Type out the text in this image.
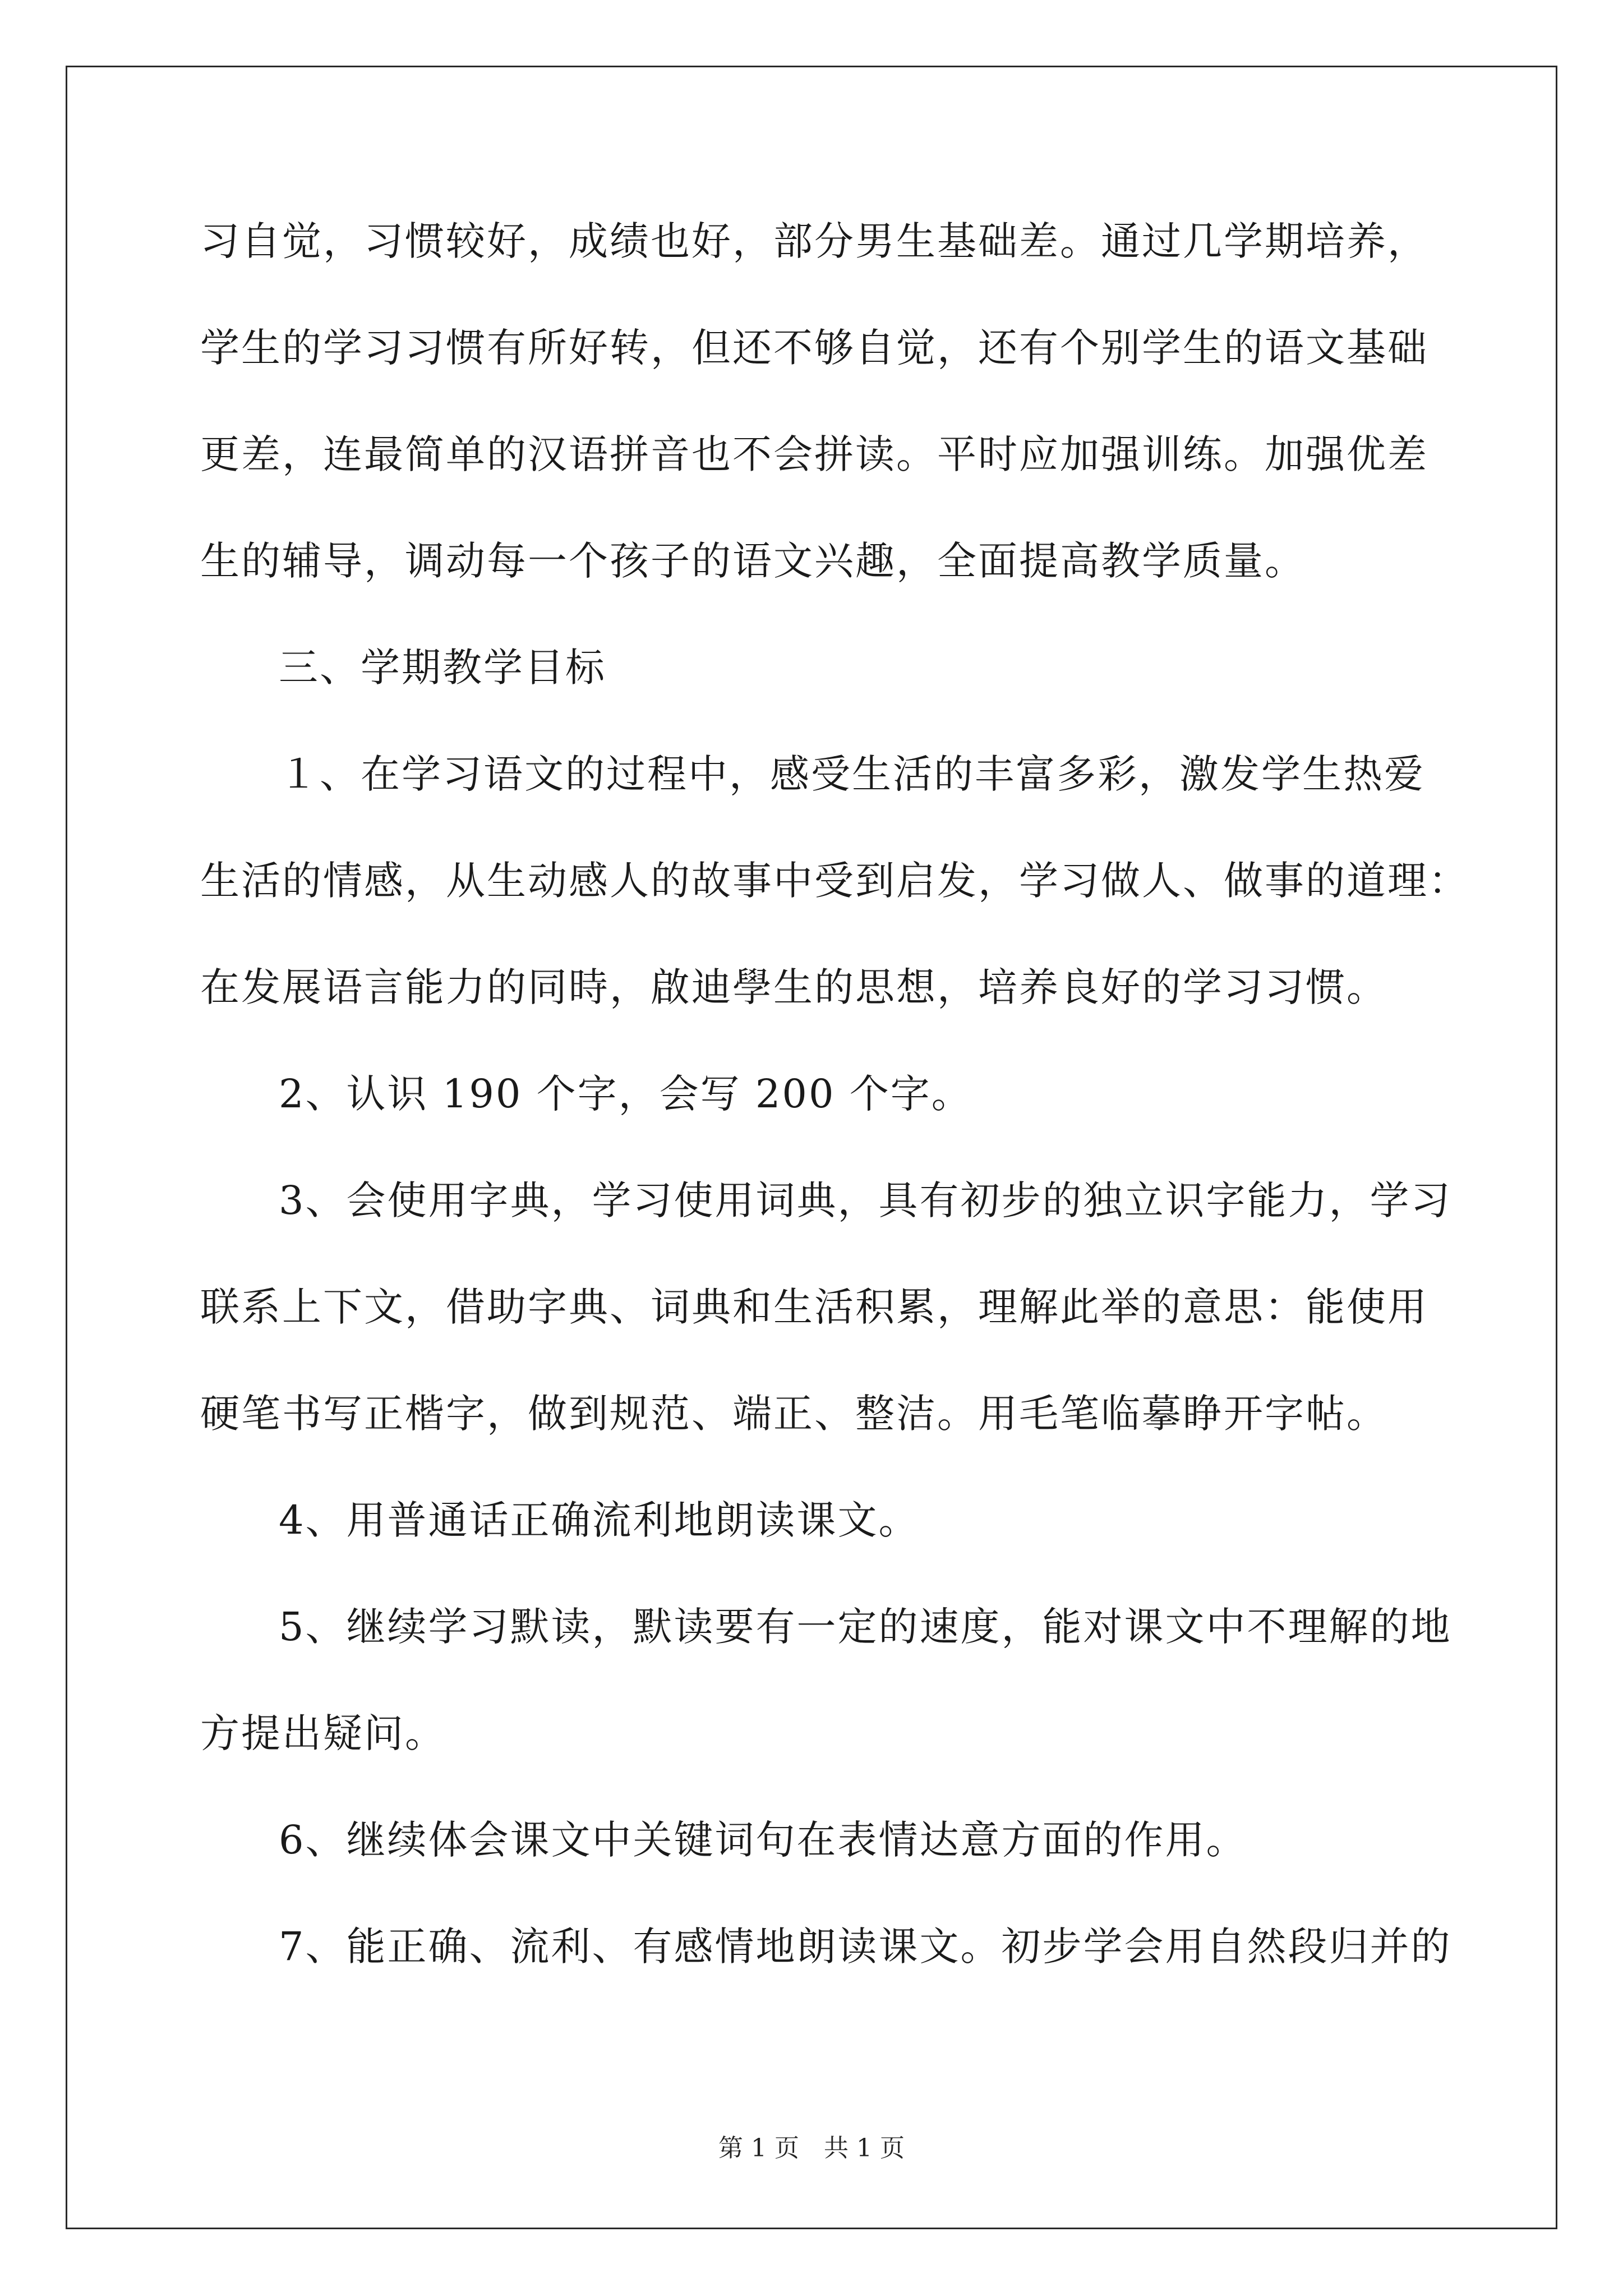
习自觉，习惯较好，成绩也好，部分男生基础差。通过几学期培养，
学生的学习习惯有所好转，但还不够自觉，还有个别学生的语文基础
更差，连最简单的汉语拼音也不会拼读。平时应加强训练。加强优差
生的辅导，调动每一个孩子的语文兴趣，全面提高教学质量。
三、学期教学目标
１、在学习语文的过程中，感受生活的丰富多彩，激发学生热爱
生活的情感，从生动感人的故事中受到启发，学习做人、做事的道理：
在发展语言能力的同時，啟迪學生的思想，培养良好的学习习惯。
2、认识 190 个字，会写 200 个字。
3、会使用字典，学习使用词典，具有初步的独立识字能力，学习
联系上下文，借助字典、词典和生活积累，理解此举的意思：能使用
硬笔书写正楷字，做到规范、端正、整洁。用毛笔临摹睁开字帖。
4、用普通话正确流利地朗读课文。
5、继续学习默读，默读要有一定的速度，能对课文中不理解的地
方提出疑问。
6、继续体会课文中关键词句在表情达意方面的作用。
7、能正确、流利、有感情地朗读课文。初步学会用自然段归并的
第 1 页　共 1 页
